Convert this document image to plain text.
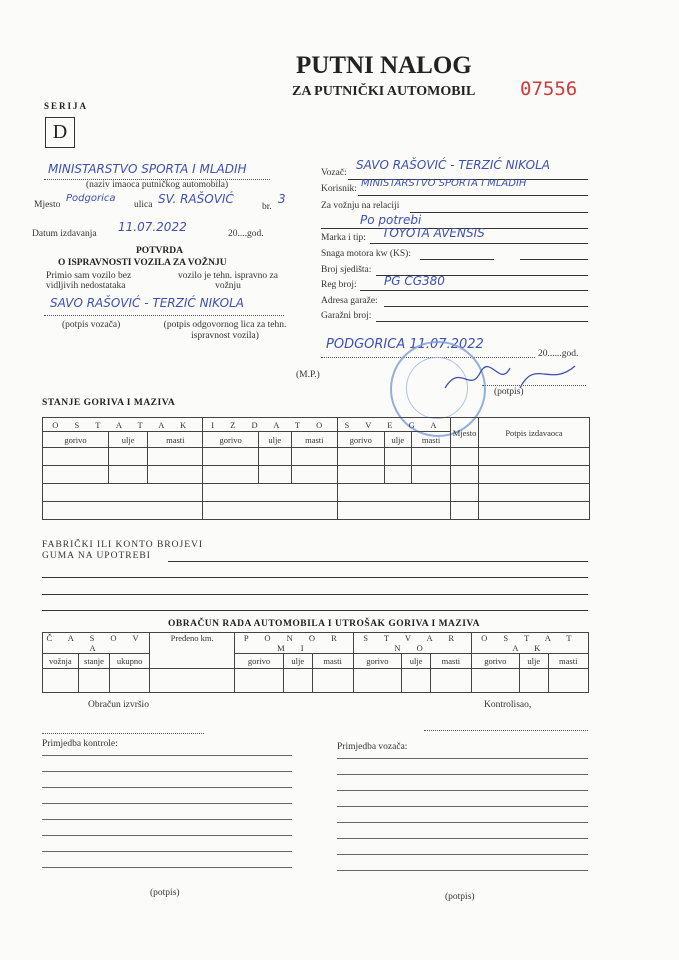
PUTNI NALOG
ZA PUTNIČKI AUTOMOBIL 07556
SERIJA
D
MINISTARSTVO SPORTA I MLADIH
(naziv imaoca putničkog automobila)
Mjesto
Podgorica
ulica SV. RAŠOVIĆ
br.
3
Datum izdavanja 11.07.2022	20....god.
POTVRDA
O ISPRAVNOSTI VOZILA ZA VOŽNJU
Primio sam vozilo bez vidljivih nedostataka
vozilo je tehn. ispravno za vožnju
SAVO RAŠOVIĆ - TERZIĆ NIKOLA
(potpis vozača)	(potpis odgovornog lica za tehn. ispravnost vozila)
(M.P.)
Vozač:
SAVO RAŠOVIĆ - TERZIĆ NIKOLA
Korisnik: MINISTARSTVO SPORTA I MLADIH
Za vožnju na relaciji
Po potrebi
Marka i tip: TOYOTA AVENSIS
Snaga motora kw (KS):
Broj sjedišta:
Reg broj: PG CG380
Adresa garaže:
Garažni broj:
PODGORICA 11.07.2022
20......god.
(potpis)
STANJE GORIVA I MAZIVA
O S T A T A K			I Z D A T O			S V E G A			Mjesto	Potpis izdavaoca
gorivo	ulje	masti	gorivo	ulje	masti	gorivo	ulje	masti		

FABRIČKI ILI KONTO BROJEVI
GUMA NA UPOTREBI
OBRAČUN RADA AUTOMOBILA I UTROŠAK GORIVA I MAZIVA
Č A S O V A			Pređeno km.	P O N O R M I			S T V A R N O			O S T A T A K		
vožnja	stanje	ukupno		gorivo	ulje	masti	gorivo	ulje	masti	gorivo	ulje	masti

Obračun izvršio	Kontrolisao,
Primjedba kontrole:	Primjedba vozača:
(potpis)	(potpis)
